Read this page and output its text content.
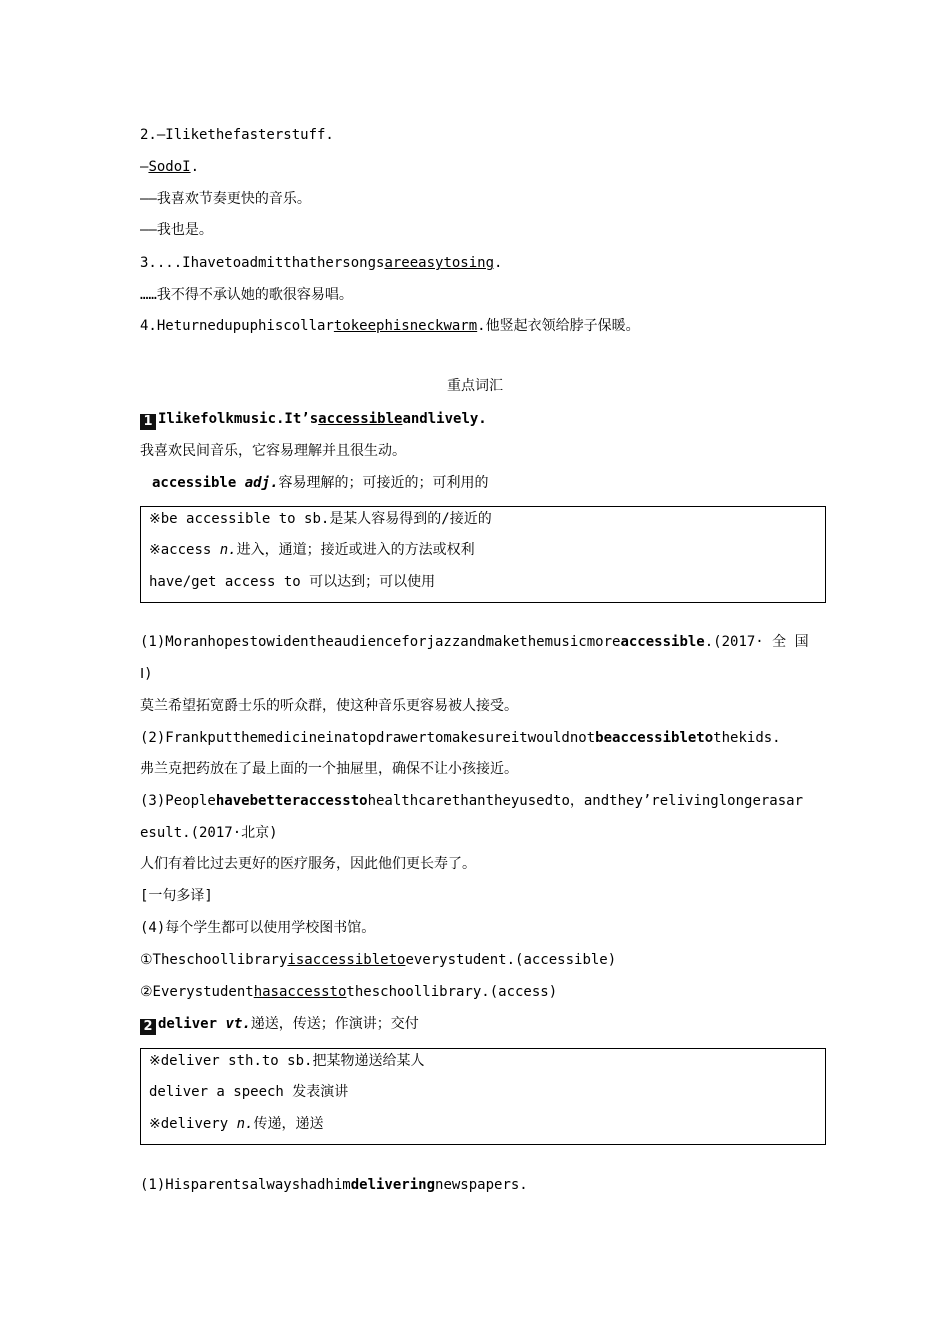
2.—Ilikethefasterstuff.
—SodoI.
——我喜欢节奏更快的音乐。
——我也是。
3....Ihavetoadmitthathersongsareeasytosing.
……我不得不承认她的歌很容易唱。
4.Heturnedupuphiscollartokeephisneckwarm.他竖起衣领给脖子保暖。
重点词汇
1 Ilikefolkmusic.It’saccessibleandlively.
我喜欢民间音乐，它容易理解并且很生动。
accessible adj.容易理解的；可接近的；可利用的
※be accessible to sb.是某人容易得到的/接近的
※access n.进入，通道；接近或进入的方法或权利
have/get access to 可以达到；可以使用
(1)Moranhopestowidentheaudienceforjazzandmakethemusicmoreaccessible.(2017· 全 国
Ⅰ)
莫兰希望拓宽爵士乐的听众群，使这种音乐更容易被人接受。
(2)Frankputthemedicineinatopdrawertomakesureitwouldnotbeaccessibletothekids.
弗兰克把药放在了最上面的一个抽屉里，确保不让小孩接近。
(3)Peoplehavebetteraccesstohealthcarethantheyusedto，andthey’relivinglongerasar
esult.(2017·北京)
人们有着比过去更好的医疗服务，因此他们更长寿了。
[一句多译]
(4)每个学生都可以使用学校图书馆。
①Theschoollibraryisaccessibletoeverystudent.(accessible)
②Everystudenthasaccesstotheschoollibrary.(access)
2 deliver vt.递送，传送；作演讲；交付
※deliver sth.to sb.把某物递送给某人
deliver a speech 发表演讲
※delivery n.传递，递送
(1)Hisparentsalwayshadhimdeliveringnewspapers.
